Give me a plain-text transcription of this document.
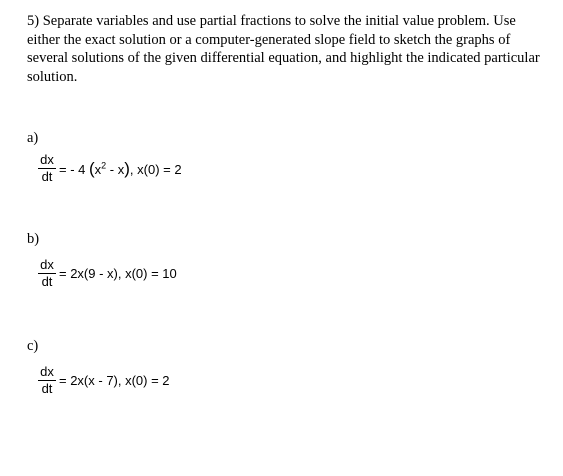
5) Separate variables and use partial fractions to solve the initial value problem. Use either the exact solution or a computer-generated slope field to sketch the graphs of several solutions of the given differential equation, and highlight the indicated particular solution.
a)
$\frac{dx}{dt}$ = - 4 $(x^2 - x)$, x(0) = 2
b)
$\frac{dx}{dt} = 2x(9 - x)$, x(0) = 10
c)
$\frac{dx}{dt} = 2x(x - 7)$, x(0) = 2
